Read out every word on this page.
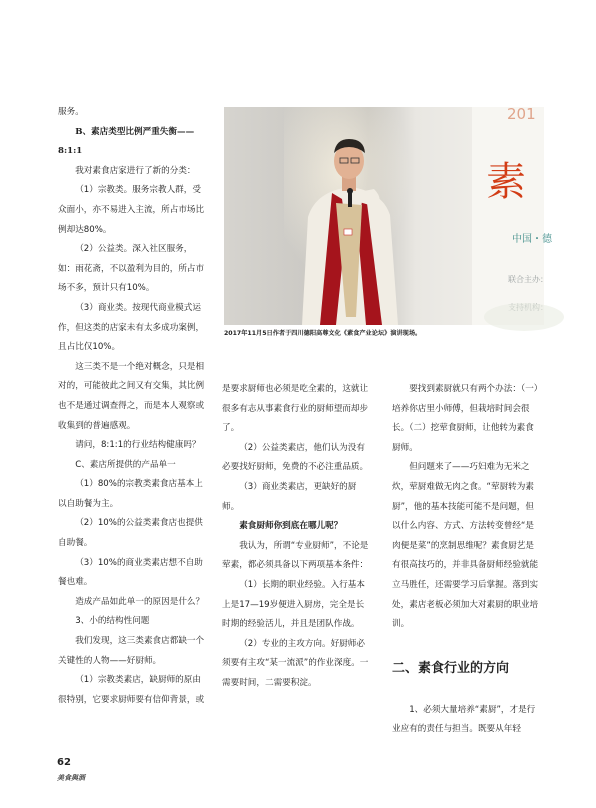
服务。

B、素店类型比例严重失衡——8:1:1

我对素食店家进行了新的分类：

（1）宗教类。服务宗教人群，受众面小，亦不易进入主流，所占市场比例却达80%。

（2）公益类。深入社区服务，如：雨花斋，不以盈利为目的，所占市场不多，预计只有10%。

（3）商业类。按现代商业模式运作，但这类的店家未有太多成功案例，且占比仅10%。

这三类不是一个绝对概念，只是相对的，可能彼此之间又有交集，其比例也不是通过调查得之，而是本人观察或收集到的普遍感观。

请问，8:1:1的行业结构健康吗？

C、素店所提供的产品单一

（1）80%的宗教类素食店基本上以自助餐为主。

（2）10%的公益类素食店也提供自助餐。

（3）10%的商业类素店想不自助餐也难。

造成产品如此单一的原因是什么？

3、小的结构性问题

我们发现，这三类素食店都缺一个关键性的人物——好厨师。

（1）宗教类素店，缺厨师的原由很特别，它要求厨师要有信仰背景，或

201
素
中国・德
联合主办：
2017年11月5日作者于四川德阳高尊文化《素食产业论坛》演讲现场。

是要求厨师也必须是吃全素的，这就让很多有志从事素食行业的厨师望而却步了。

（2）公益类素店，他们认为没有必要找好厨师，免费的不必注重品质。

（3）商业类素店，更缺好的厨师。

素食厨师你到底在哪儿呢？

我认为，所谓“专业厨师”，不论是荤素，都必须具备以下两项基本条件：

（1）长期的职业经验。入行基本上是17—19岁便进入厨房，完全是长时期的经验活儿，并且是团队作战。

（2）专业的主攻方向。好厨师必须要有主攻“某一流派”的作业深度。一需要时间，二需要积淀。

要找到素厨就只有两个办法：（一）培养你店里小师傅，但栽培时间会很长。（二）挖荤食厨师，让他转为素食厨师。

但问题来了——巧妇难为无米之炊，荤厨难做无肉之食。“荤厨转为素厨”，他的基本技能可能不是问题，但以什么内容、方式、方法转变曾经“是肉便是菜”的烹制思维呢？素食厨艺是有很高技巧的，并非具备厨师经验就能立马胜任，还需要学习后掌握。落到实处，素店老板必须加大对素厨的职业培训。

二、素食行业的方向

1、必须大量培养“素厨”，才是行业应有的责任与担当。既要从年轻

62
美食與酒
